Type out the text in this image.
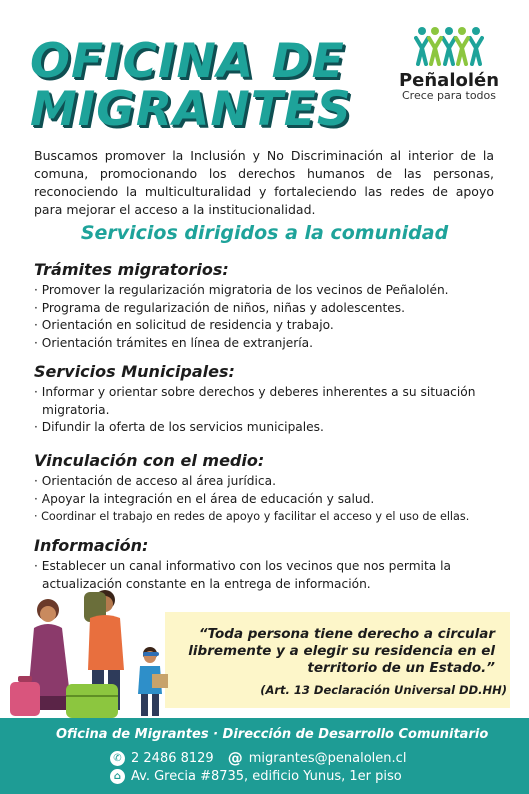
OFICINA DE
MIGRANTES
Peñalolén
Crece para todos

Buscamos promover la Inclusión y No Discriminación al interior de la comuna, promocionando los derechos humanos de las personas, reconociendo la multiculturalidad y fortaleciendo las redes de apoyo para mejorar el acceso a la institucionalidad.

Servicios dirigidos a la comunidad
Trámites migratorios:
· Promover la regularización migratoria de los vecinos de Peñalolén.
· Programa de regularización de niños, niñas y adolescentes.
· Orientación en solicitud de residencia y trabajo.
· Orientación trámites en línea de extranjería.
Servicios Municipales:
· Informar y orientar sobre derechos y deberes inherentes a su situación migratoria.
· Difundir la oferta de los servicios municipales.
Vinculación con el medio:
· Orientación de acceso al área jurídica.
· Apoyar la integración en el área de educación y salud.
· Coordinar el trabajo en redes de apoyo y facilitar el acceso y el uso de ellas.
Información:
· Establecer un canal informativo con los vecinos que nos permita la actualización constante en la entrega de información.
“Toda persona tiene derecho a circular libremente y a elegir su residencia en el territorio de un Estado.”
(Art. 13 Declaración Universal DD.HH)
Oficina de Migrantes · Dirección de Desarrollo Comunitario
✆ 2 2486 8129 @ migrantes@penalolen.cl
⌂ Av. Grecia #8735, edificio Yunus, 1er piso
